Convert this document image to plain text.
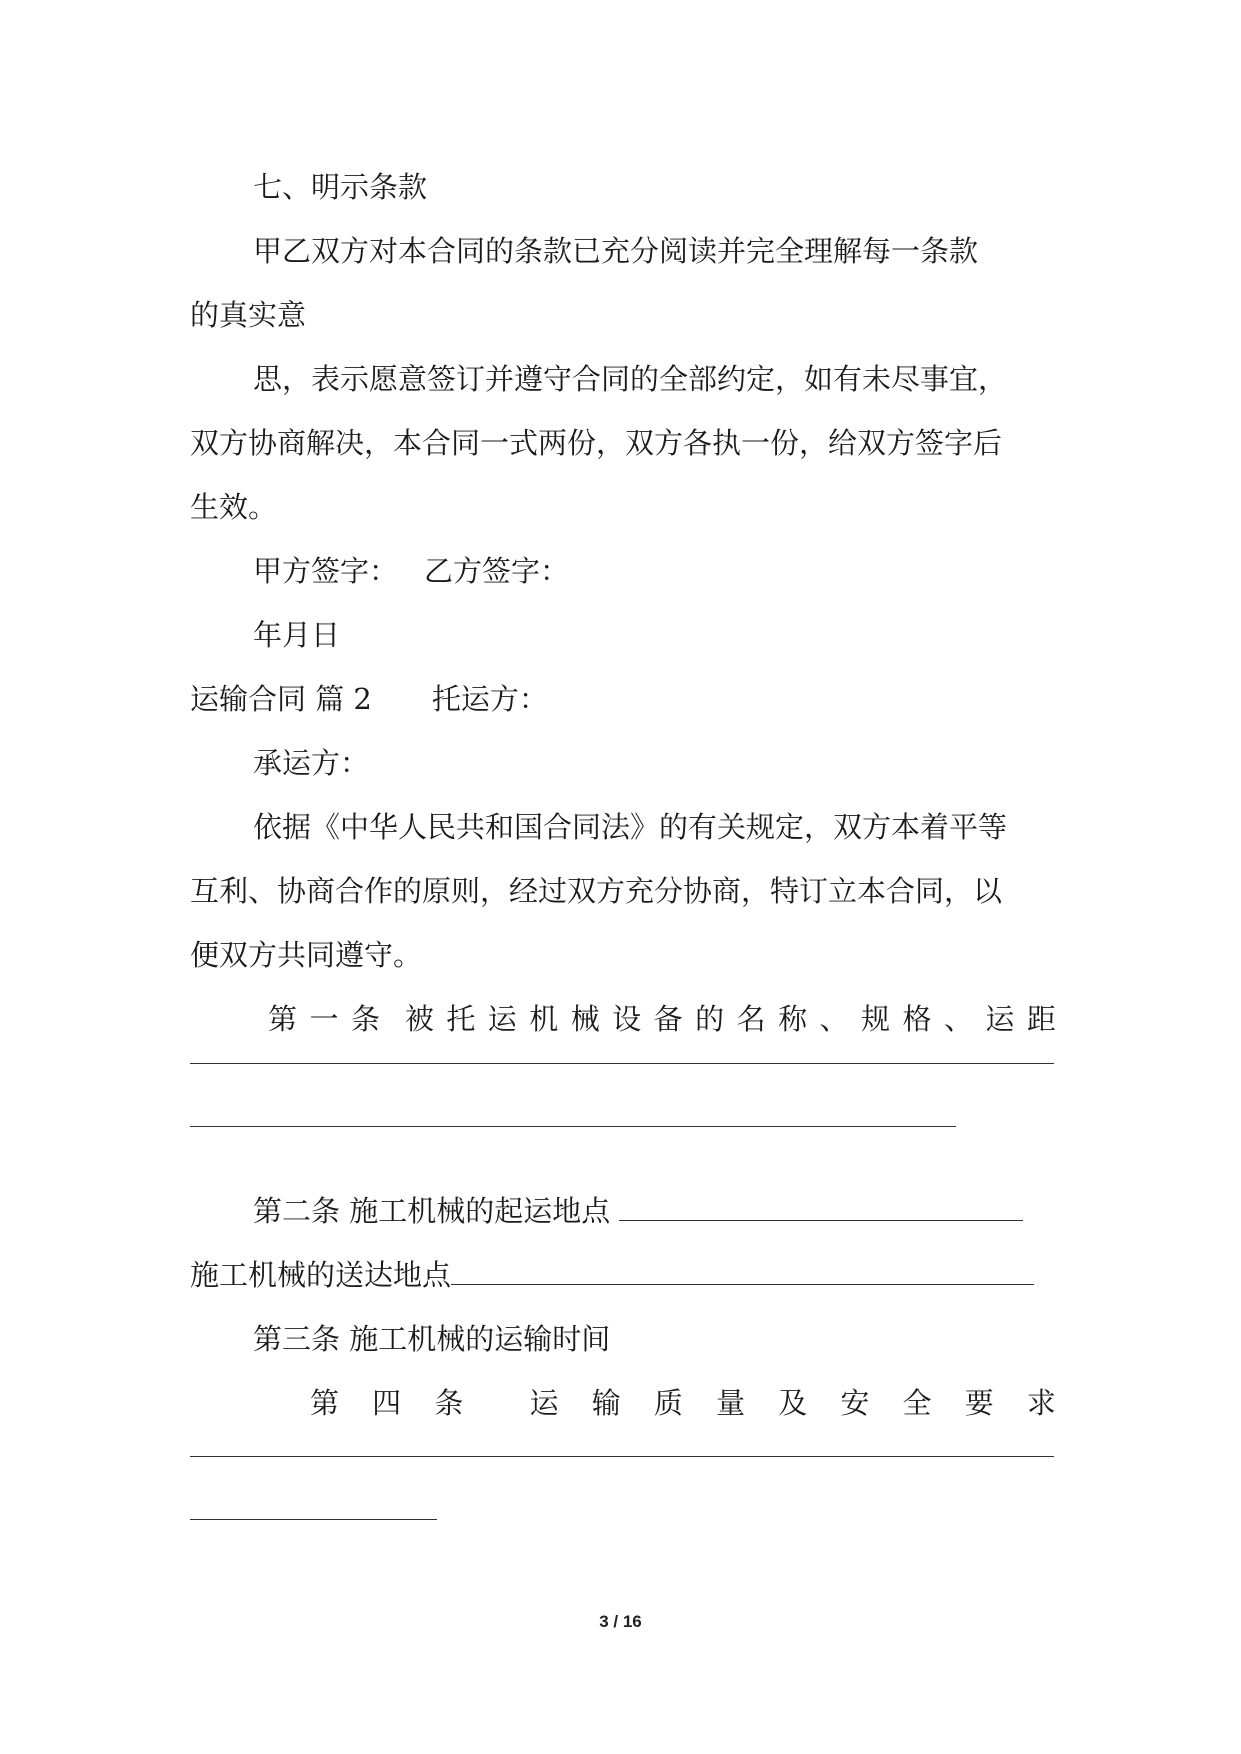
七、明示条款
甲乙双方对本合同的条款已充分阅读并完全理解每一条款
的真实意
思，表示愿意签订并遵守合同的全部约定，如有未尽事宜，
双方协商解决，本合同一式两份，双方各执一份，给双方签字后
生效。
甲方签字： 乙方签字：
年月日
运输合同 篇 2 托运方：
承运方：
依据《中华人民共和国合同法》的有关规定，双方本着平等
互利、协商合作的原则，经过双方充分协商，特订立本合同，以
便双方共同遵守。
第 一 条 被 托 运 机 械 设 备 的 名 称 、 规 格 、 运 距
第二条 施工机械的起运地点
施工机械的送达地点
第三条 施工机械的运输时间
第 四 条 运 输 质 量 及 安 全 要 求
3 / 16
